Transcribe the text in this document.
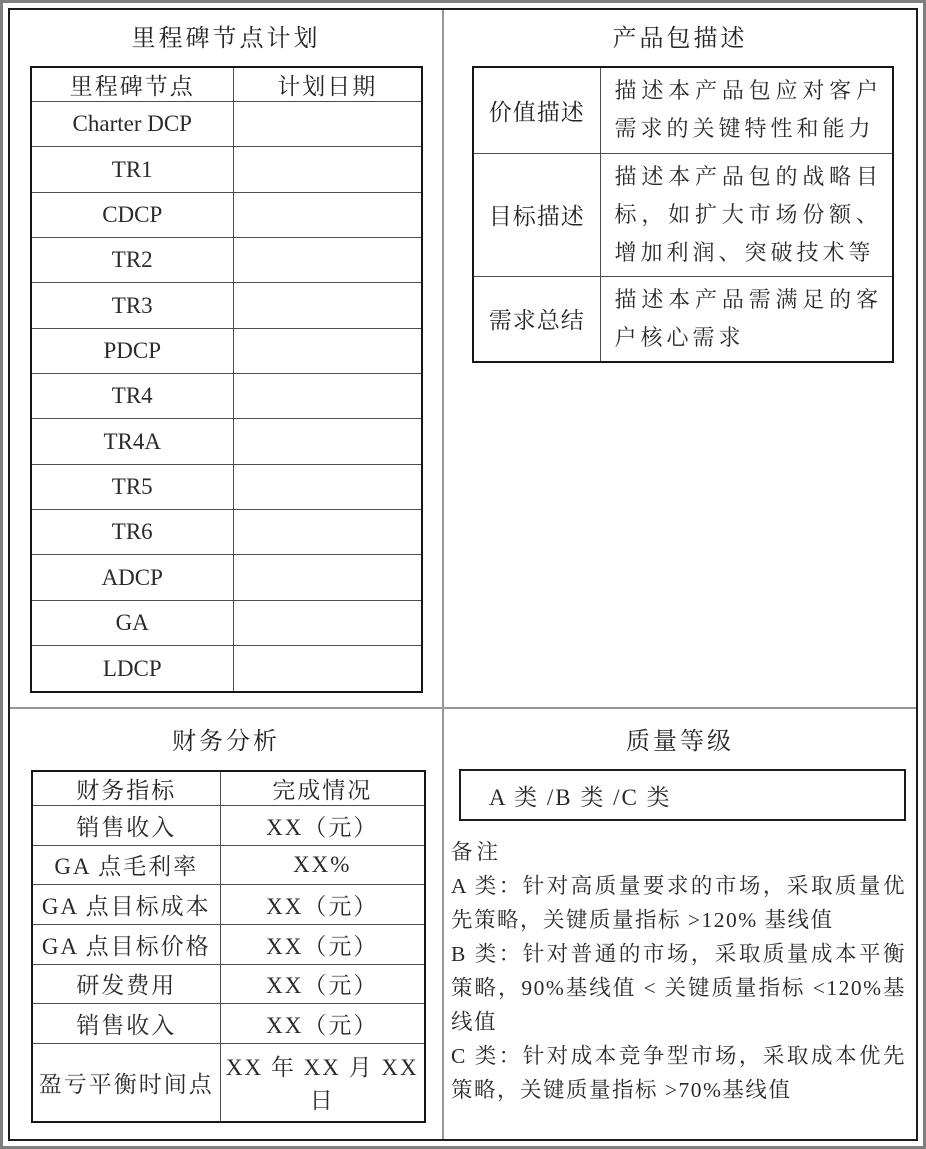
里程碑节点计划
里程碑节点	计划日期
Charter DCP	
TR1	
CDCP	
TR2	
TR3	
PDCP	
TR4	
TR4A	
TR5	
TR6	
ADCP	
GA	
LDCP	
产品包描述
价值描述	描述本产品包应对客户需求的关键特性和能力
目标描述	描述本产品包的战略目标，如扩大市场份额、增加利润、突破技术等
需求总结	描述本产品需满足的客户核心需求
财务分析
财务指标	完成情况
销售收入	XX（元）
GA 点毛利率	XX%
GA 点目标成本	XX（元）
GA 点目标价格	XX（元）
研发费用	XX（元）
销售收入	XX（元）
盈亏平衡时间点	XX 年 XX 月 XX 日
质量等级
A 类 /B 类 /C 类

备注

A 类：针对高质量要求的市场，采取质量优先策略，关键质量指标 >120% 基线值

B 类：针对普通的市场，采取质量成本平衡策略，90%基线值 < 关键质量指标 <120%基线值

C 类：针对成本竞争型市场，采取成本优先策略，关键质量指标 >70%基线值
